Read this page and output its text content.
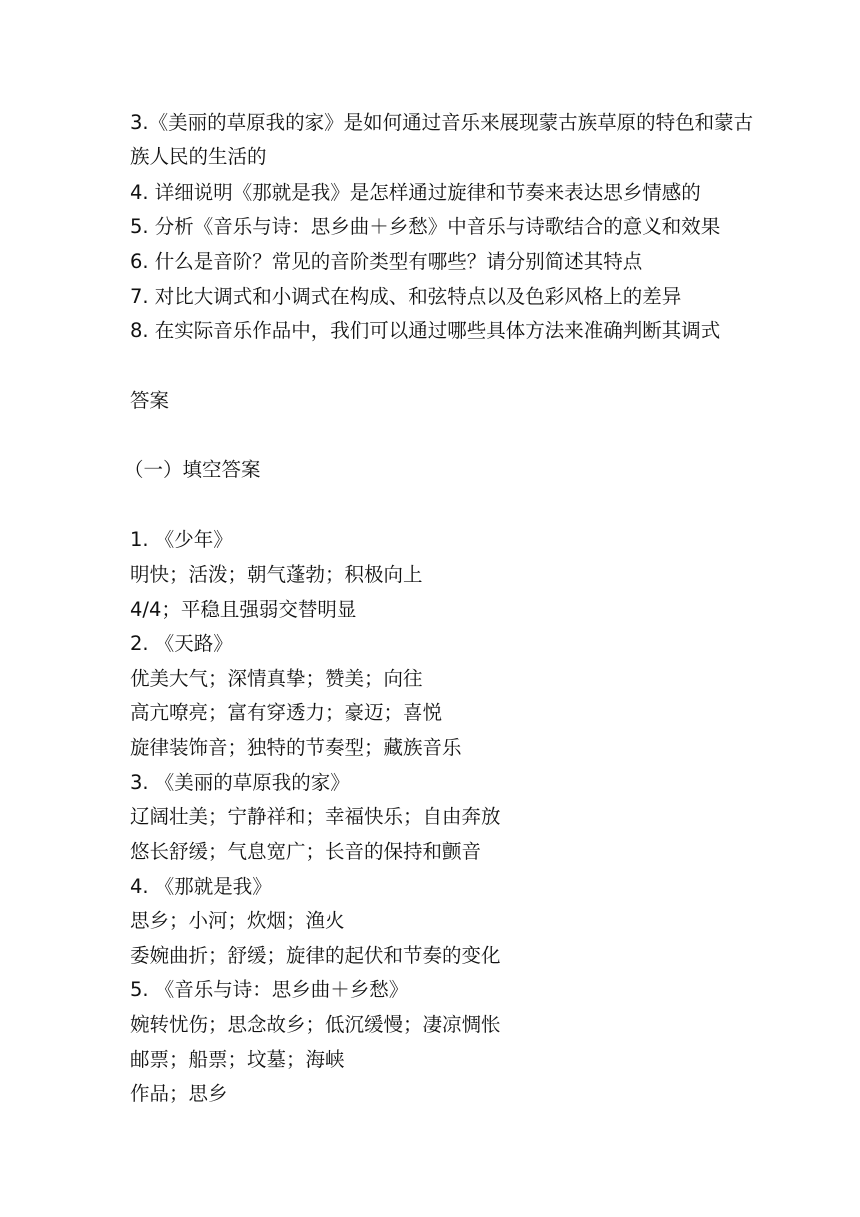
3.《美丽的草原我的家》是如何通过音乐来展现蒙古族草原的特色和蒙古族人民的生活的
4. 详细说明《那就是我》是怎样通过旋律和节奏来表达思乡情感的
5. 分析《音乐与诗：思乡曲＋乡愁》中音乐与诗歌结合的意义和效果
6. 什么是音阶？常见的音阶类型有哪些？请分别简述其特点
7. 对比大调式和小调式在构成、和弦特点以及色彩风格上的差异
8. 在实际音乐作品中，我们可以通过哪些具体方法来准确判断其调式
答案
（一）填空答案
1. 《少年》
明快；活泼；朝气蓬勃；积极向上
4/4；平稳且强弱交替明显
2. 《天路》
优美大气；深情真挚；赞美；向往
高亢嘹亮；富有穿透力；豪迈；喜悦
旋律装饰音；独特的节奏型；藏族音乐
3. 《美丽的草原我的家》
辽阔壮美；宁静祥和；幸福快乐；自由奔放
悠长舒缓；气息宽广；长音的保持和颤音
4. 《那就是我》
思乡；小河；炊烟；渔火
委婉曲折；舒缓；旋律的起伏和节奏的变化
5. 《音乐与诗：思乡曲＋乡愁》
婉转忧伤；思念故乡；低沉缓慢；凄凉惆怅
邮票；船票；坟墓；海峡
作品；思乡
